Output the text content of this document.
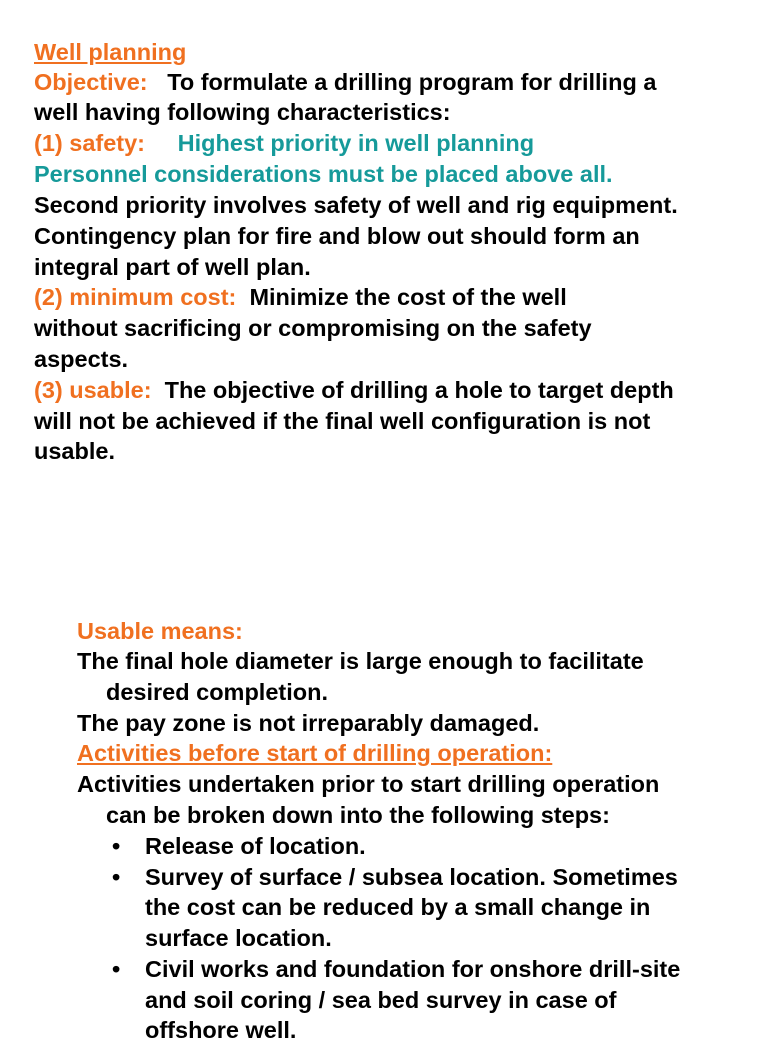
Well planning
Objective: To formulate a drilling program for drilling a
well having following characteristics:
(1) safety: Highest priority in well planning
Personnel considerations must be placed above all.
Second priority involves safety of well and rig equipment.
Contingency plan for fire and blow out should form an
integral part of well plan.
(2) minimum cost: Minimize the cost of the well
without sacrificing or compromising on the safety
aspects.
(3) usable: The objective of drilling a hole to target depth
will not be achieved if the final well configuration is not
usable.
Usable means:
The final hole diameter is large enough to facilitate
desired completion.
The pay zone is not irreparably damaged.
Activities before start of drilling operation:
Activities undertaken prior to start drilling operation
can be broken down into the following steps:
•	Release of location.
•	Survey of surface / subsea location. Sometimes
the cost can be reduced by a small change in
surface location.
•	Civil works and foundation for onshore drill-site
and soil coring / sea bed survey in case of
offshore well.
